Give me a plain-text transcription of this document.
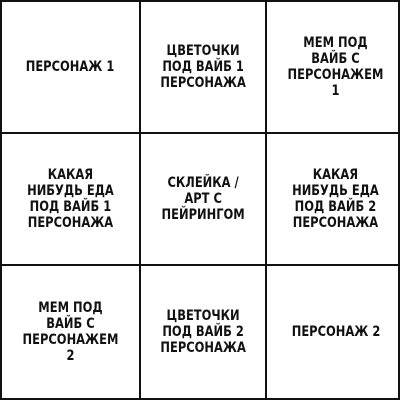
ПЕРСОНАЖ 1
ЦВЕТОЧКИ ПОД ВАЙБ 1 ПЕРСОНАЖА
МЕМ ПОД ВАЙБ С ПЕРСОНАЖЕМ 1
КАКАЯ НИБУДЬ ЕДА ПОД ВАЙБ 1 ПЕРСОНАЖА
СКЛЕЙКА / АРТ С ПЕЙРИНГОМ
КАКАЯ НИБУДЬ ЕДА ПОД ВАЙБ 2 ПЕРСОНАЖА
МЕМ ПОД ВАЙБ С ПЕРСОНАЖЕМ 2
ЦВЕТОЧКИ ПОД ВАЙБ 2 ПЕРСОНАЖА
ПЕРСОНАЖ 2
